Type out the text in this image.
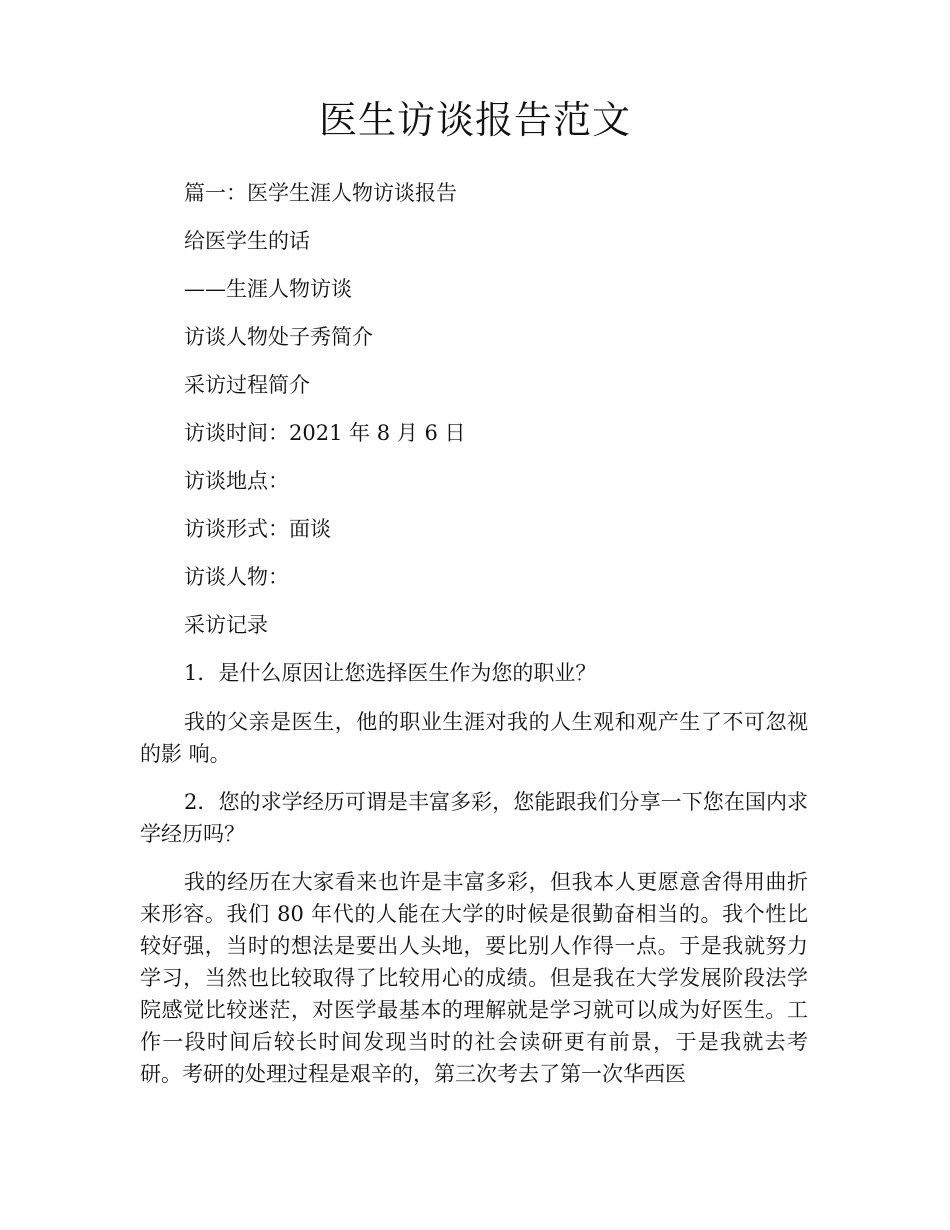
医生访谈报告范文

篇一：医学生涯人物访谈报告

给医学生的话

——生涯人物访谈

访谈人物处子秀简介

采访过程简介

访谈时间：2021 年 8 月 6 日

访谈地点：

访谈形式：面谈

访谈人物：

采访记录

1．是什么原因让您选择医生作为您的职业？

我的父亲是医生，他的职业生涯对我的人生观和观产生了不可忽视的影 响。

2．您的求学经历可谓是丰富多彩，您能跟我们分享一下您在国内求学经历吗？

我的经历在大家看来也许是丰富多彩，但我本人更愿意舍得用曲折来形容。我们 80 年代的人能在大学的时候是很勤奋相当的。我个性比较好强，当时的想法是要出人头地，要比别人作得一点。于是我就努力学习，当然也比较取得了比较用心的成绩。但是我在大学发展阶段法学院感觉比较迷茫，对医学最基本的理解就是学习就可以成为好医生。工作一段时间后较长时间发现当时的社会读研更有前景，于是我就去考研。考研的处理过程是艰辛的，第三次考去了第一次华西医
